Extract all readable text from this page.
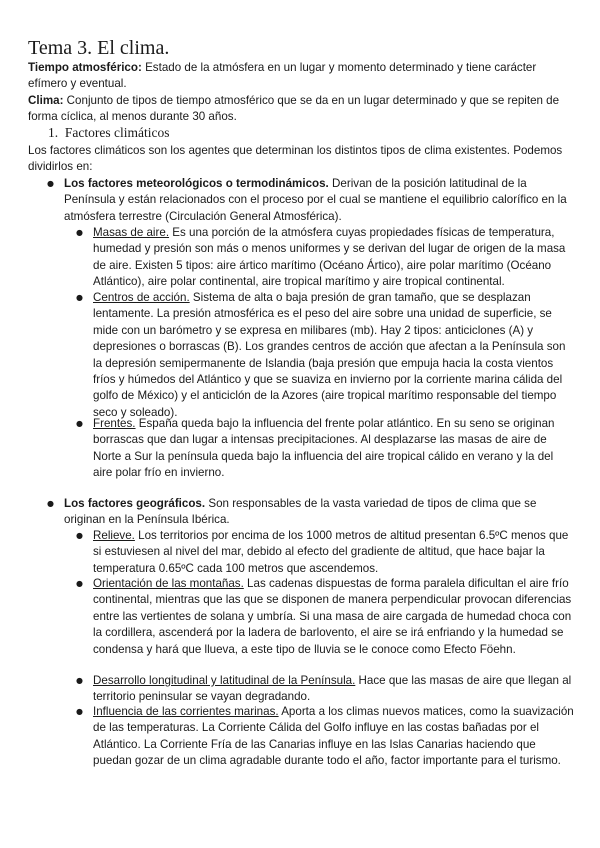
Tema 3. El clima.

Tiempo atmosférico: Estado de la atmósfera en un lugar y momento determinado y tiene carácter efímero y eventual.

Clima: Conjunto de tipos de tiempo atmosférico que se da en un lugar determinado y que se repiten de forma cíclica, al menos durante 30 años.

1. Factores climáticos

Los factores climáticos son los agentes que determinan los distintos tipos de clima existentes. Podemos dividirlos en:

● Los factores meteorológicos o termodinámicos. Derivan de la posición latitudinal de la Península y están relacionados con el proceso por el cual se mantiene el equilibrio calorífico en la atmósfera terrestre (Circulación General Atmosférica).

● Masas de aire. Es una porción de la atmósfera cuyas propiedades físicas de temperatura, humedad y presión son más o menos uniformes y se derivan del lugar de origen de la masa de aire. Existen 5 tipos: aire ártico marítimo (Océano Ártico), aire polar marítimo (Océano Atlántico), aire polar continental, aire tropical marítimo y aire tropical continental.

● Centros de acción. Sistema de alta o baja presión de gran tamaño, que se desplazan lentamente. La presión atmosférica es el peso del aire sobre una unidad de superficie, se mide con un barómetro y se expresa en milibares (mb). Hay 2 tipos: anticiclones (A) y depresiones o borrascas (B). Los grandes centros de acción que afectan a la Península son la depresión semipermanente de Islandia (baja presión que empuja hacia la costa vientos fríos y húmedos del Atlántico y que se suaviza en invierno por la corriente marina cálida del golfo de México) y el anticiclón de la Azores (aire tropical marítimo responsable del tiempo seco y soleado).

● Frentes. España queda bajo la influencia del frente polar atlántico. En su seno se originan borrascas que dan lugar a intensas precipitaciones. Al desplazarse las masas de aire de Norte a Sur la península queda bajo la influencia del aire tropical cálido en verano y la del aire polar frío en invierno.

● Los factores geográficos. Son responsables de la vasta variedad de tipos de clima que se originan en la Península Ibérica.

● Relieve. Los territorios por encima de los 1000 metros de altitud presentan 6.5ºC menos que si estuviesen al nivel del mar, debido al efecto del gradiente de altitud, que hace bajar la temperatura 0.65ºC cada 100 metros que ascendemos.

● Orientación de las montañas. Las cadenas dispuestas de forma paralela dificultan el aire frío continental, mientras que las que se disponen de manera perpendicular provocan diferencias entre las vertientes de solana y umbría. Si una masa de aire cargada de humedad choca con la cordillera, ascenderá por la ladera de barlovento, el aire se irá enfriando y la humedad se condensa y hará que llueva, a este tipo de lluvia se le conoce como Efecto Föehn.

● Desarrollo longitudinal y latitudinal de la Península. Hace que las masas de aire que llegan al territorio peninsular se vayan degradando.

● Influencia de las corrientes marinas. Aporta a los climas nuevos matices, como la suavización de las temperaturas. La Corriente Cálida del Golfo influye en las costas bañadas por el Atlántico. La Corriente Fría de las Canarias influye en las Islas Canarias haciendo que puedan gozar de un clima agradable durante todo el año, factor importante para el turismo.
